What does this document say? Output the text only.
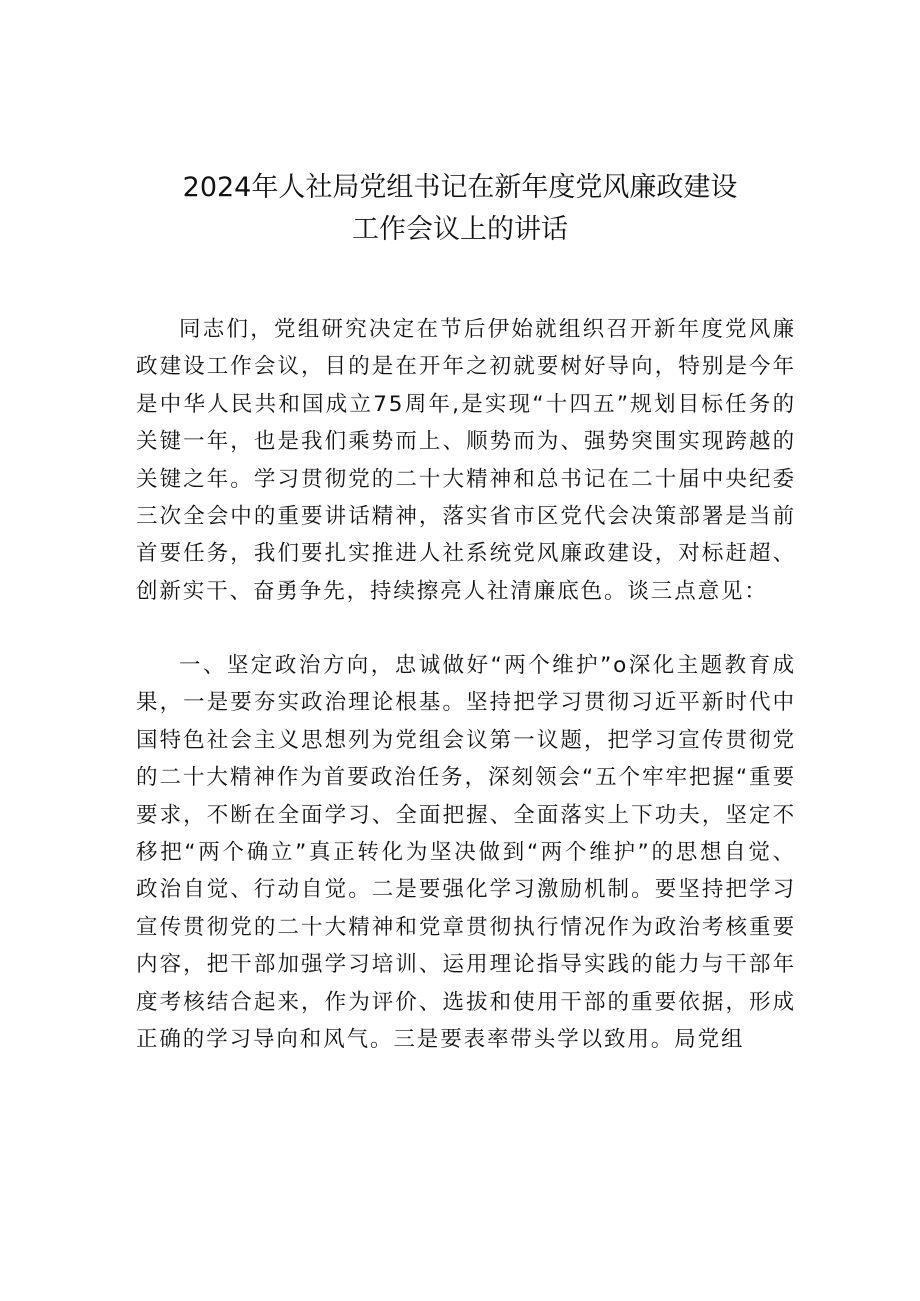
2024年人社局党组书记在新年度党风廉政建设
工作会议上的讲话

同志们，党组研究决定在节后伊始就组织召开新年度党风廉政建设工作会议，目的是在开年之初就要树好导向，特别是今年是中华人民共和国成立75周年,是实现“十四五”规划目标任务的关键一年，也是我们乘势而上、顺势而为、强势突围实现跨越的关键之年。学习贯彻党的二十大精神和总书记在二十届中央纪委三次全会中的重要讲话精神，落实省市区党代会决策部署是当前首要任务，我们要扎实推进人社系统党风廉政建设，对标赶超、创新实干、奋勇争先，持续擦亮人社清廉底色。谈三点意见：

一、坚定政治方向，忠诚做好“两个维护”o深化主题教育成果，一是要夯实政治理论根基。坚持把学习贯彻习近平新时代中国特色社会主义思想列为党组会议第一议题，把学习宣传贯彻党的二十大精神作为首要政治任务，深刻领会“五个牢牢把握“重要要求，不断在全面学习、全面把握、全面落实上下功夫，坚定不移把“两个确立”真正转化为坚决做到“两个维护”的思想自觉、政治自觉、行动自觉。二是要强化学习激励机制。要坚持把学习宣传贯彻党的二十大精神和党章贯彻执行情况作为政治考核重要内容，把干部加强学习培训、运用理论指导实践的能力与干部年度考核结合起来，作为评价、选拔和使用干部的重要依据，形成正确的学习导向和风气。三是要表率带头学以致用。局党组
